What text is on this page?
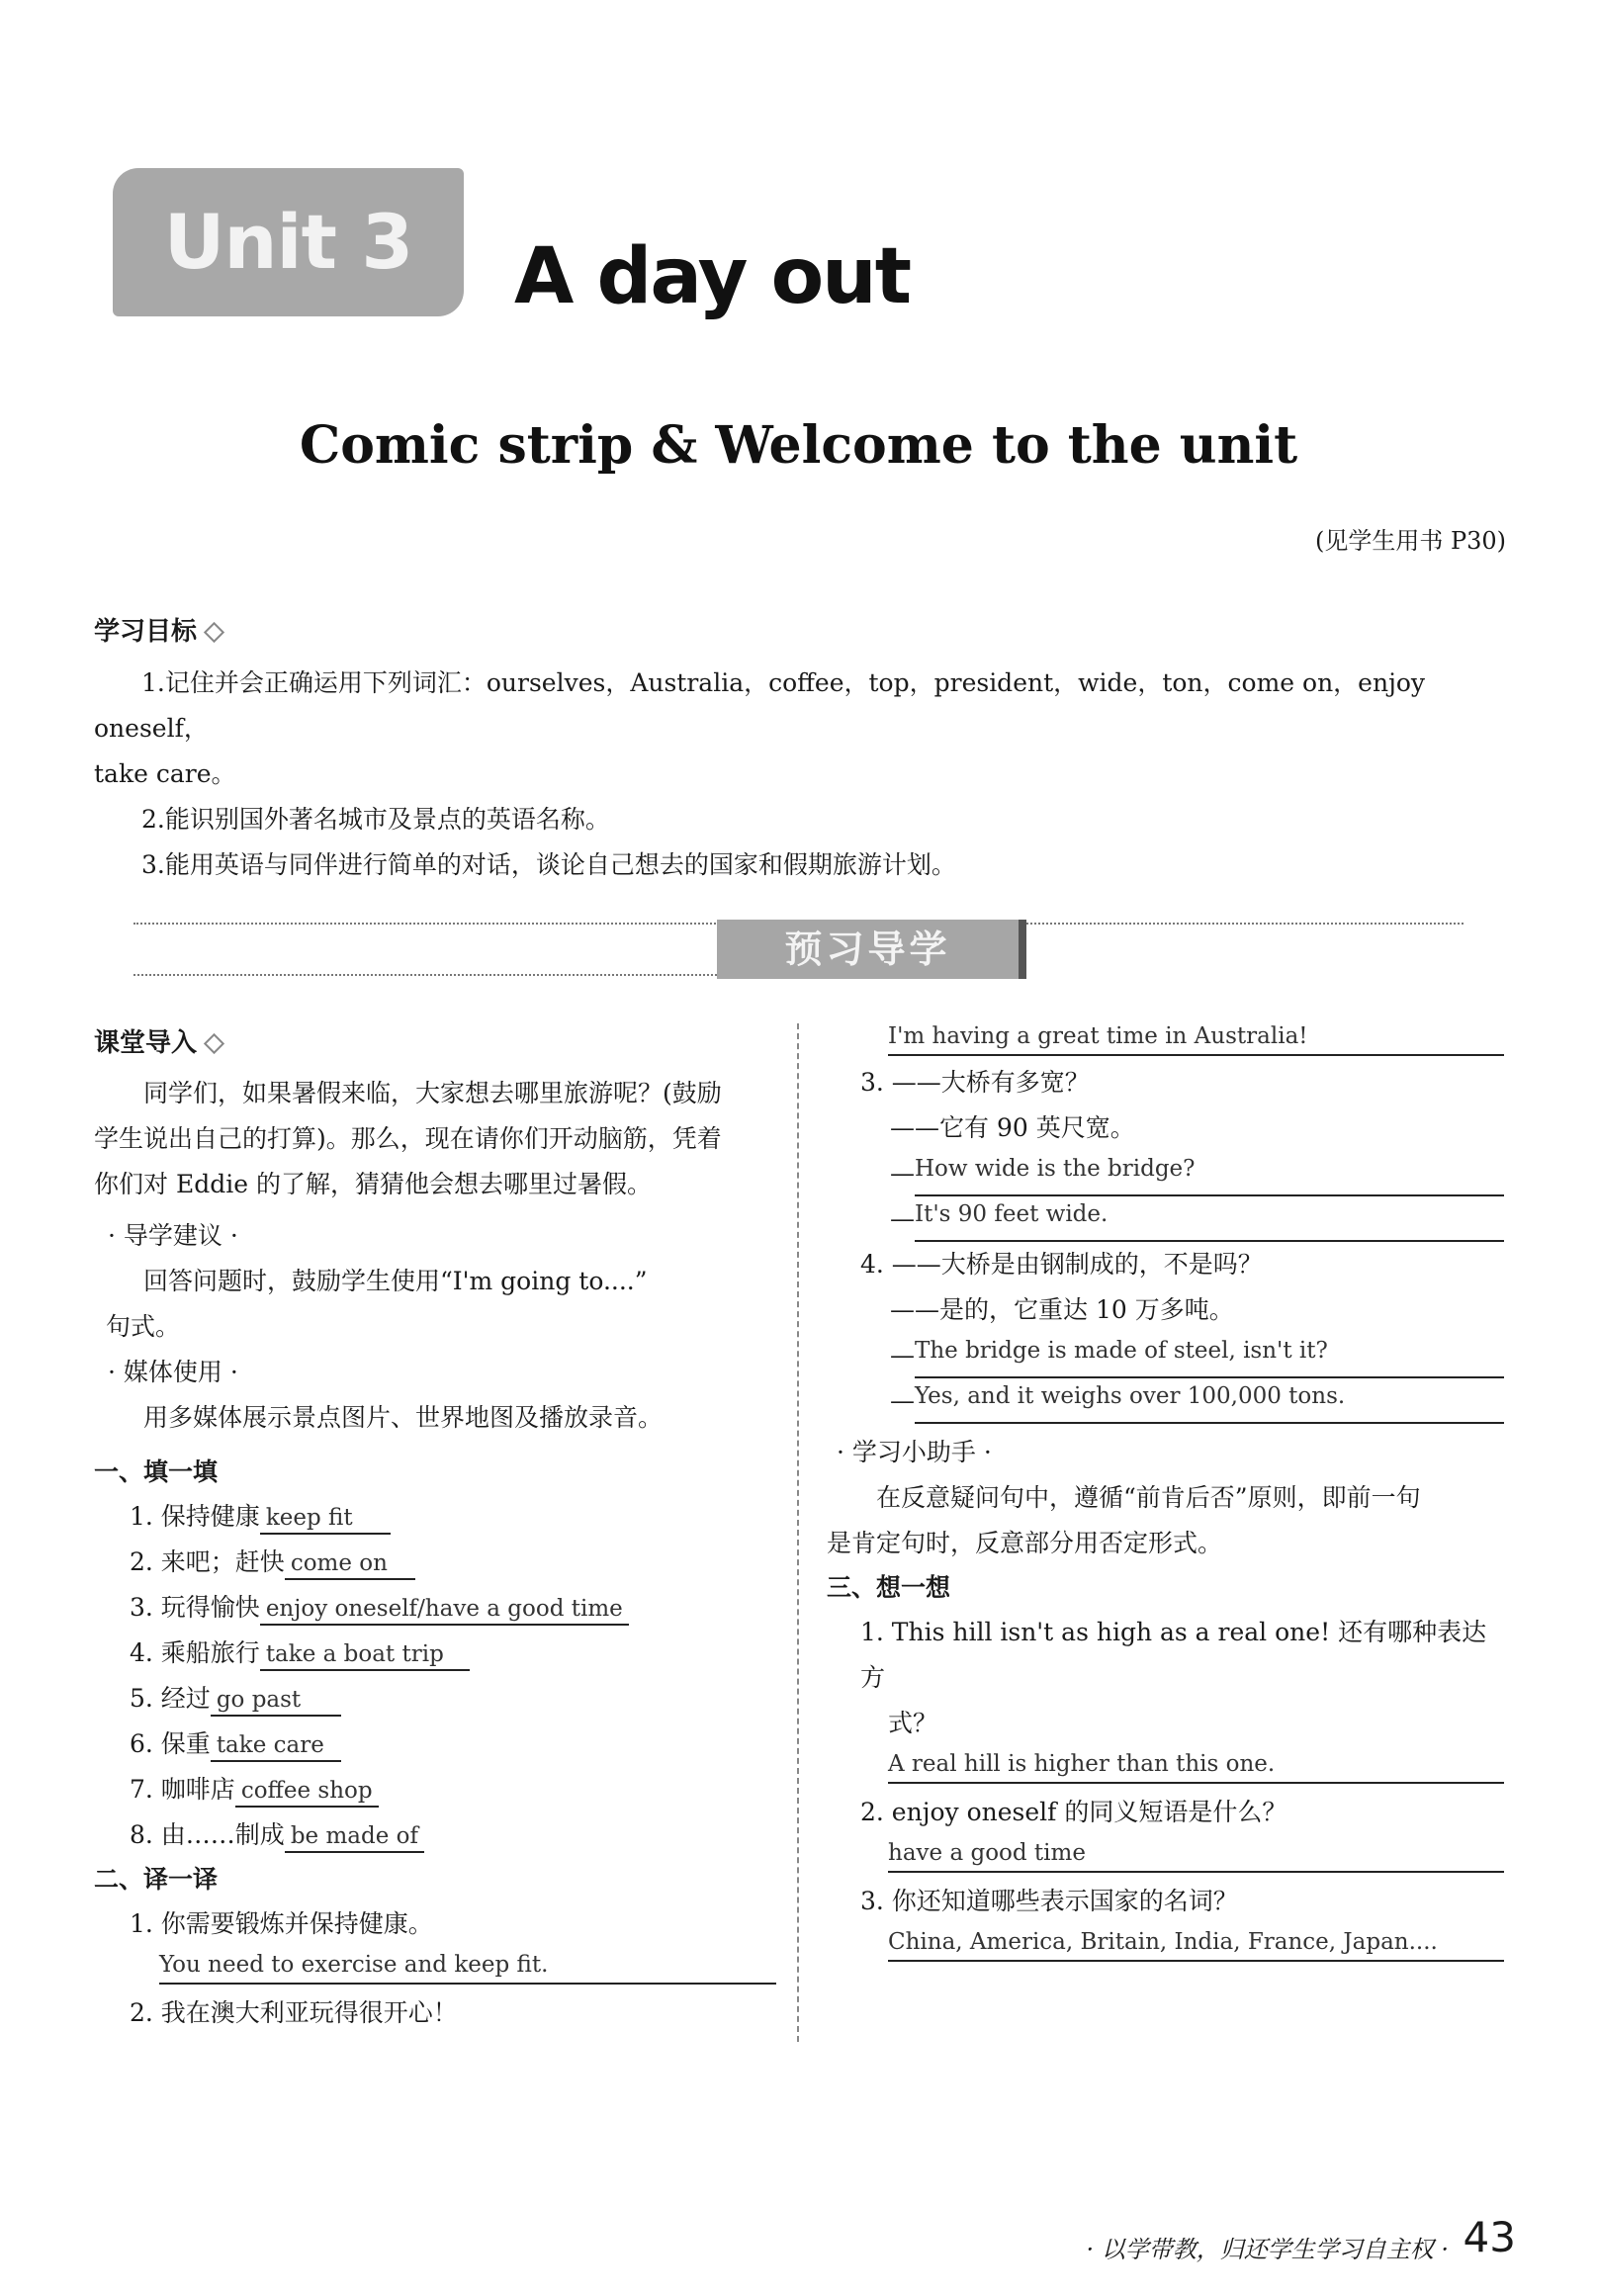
Unit 3	A day out
Comic strip & Welcome to the unit
(见学生用书 P30)
学习目标
1.记住并会正确运用下列词汇：ourselves，Australia，coffee，top，president，wide，ton，come on，enjoy oneself，
take care。
2.能识别国外著名城市及景点的英语名称。
3.能用英语与同伴进行简单的对话，谈论自己想去的国家和假期旅游计划。
预习导学
课堂导入
同学们，如果暑假来临，大家想去哪里旅游呢？(鼓励
学生说出自己的打算)。那么，现在请你们开动脑筋，凭着
你们对 Eddie 的了解，猜猜他会想去哪里过暑假。
· 导学建议 ·
回答问题时，鼓励学生使用“I'm going to....”
句式。
· 媒体使用 ·
用多媒体展示景点图片、世界地图及播放录音。
一、填一填
1. 保持健康 keep fit
2. 来吧；赶快 come on
3. 玩得愉快 enjoy oneself/have a good time
4. 乘船旅行 take a boat trip
5. 经过 go past
6. 保重 take care
7. 咖啡店 coffee shop
8. 由……制成 be made of
二、译一译
1. 你需要锻炼并保持健康。
You need to exercise and keep fit.
2. 我在澳大利亚玩得很开心！
I'm having a great time in Australia!
3. ——大桥有多宽？
——它有 90 英尺宽。
— How wide is the bridge?
— It's 90 feet wide.
4. ——大桥是由钢制成的，不是吗？
——是的，它重达 10 万多吨。
— The bridge is made of steel, isn't it?
— Yes, and it weighs over 100,000 tons.
· 学习小助手 ·
在反意疑问句中，遵循“前肯后否”原则，即前一句
是肯定句时，反意部分用否定形式。
三、想一想
1. This hill isn't as high as a real one! 还有哪种表达方
式？
A real hill is higher than this one.
2. enjoy oneself 的同义短语是什么？
have a good time
3. 你还知道哪些表示国家的名词？
China, America, Britain, India, France, Japan....
· 以学带教，归还学生学习自主权 · 43
